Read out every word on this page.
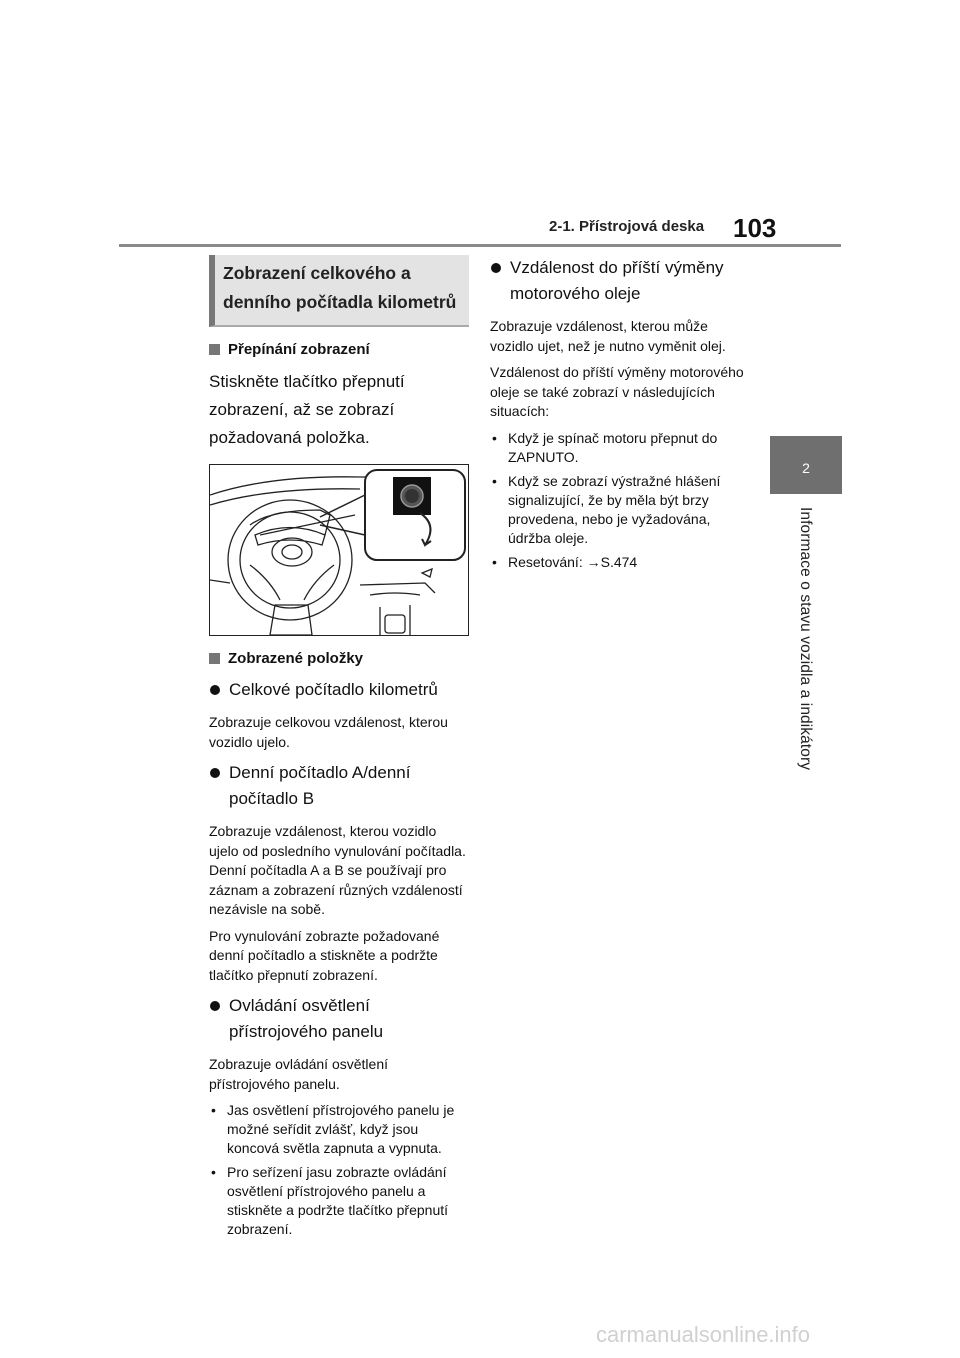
2-1. Přístrojová deska 103
2
Informace o stavu vozidla a indikátory
Zobrazení celkového a denního počítadla kilometrů
Přepínání zobrazení
Stiskněte tlačítko přepnutí zobrazení, až se zobrazí požadovaná položka.
Zobrazené položky
Celkové počítadlo kilometrů
Zobrazuje celkovou vzdálenost, kterou vozidlo ujelo.
Denní počítadlo A/denní počítadlo B
Zobrazuje vzdálenost, kterou vozidlo ujelo od posledního vynulování počítadla. Denní počítadla A a B se používají pro záznam a zobrazení různých vzdáleností nezávisle na sobě.
Pro vynulování zobrazte požadované denní počítadlo a stiskněte a podržte tlačítko přepnutí zobrazení.
Ovládání osvětlení přístrojového panelu
Zobrazuje ovládání osvětlení přístrojového panelu.
• Jas osvětlení přístrojového panelu je možné seřídit zvlášť, když jsou koncová světla zapnuta a vypnuta.
• Pro seřízení jasu zobrazte ovládání osvětlení přístrojového panelu a stiskněte a podržte tlačítko přepnutí zobrazení.
Vzdálenost do příští výměny motorového oleje
Zobrazuje vzdálenost, kterou může vozidlo ujet, než je nutno vyměnit olej.
Vzdálenost do příští výměny motorového oleje se také zobrazí v následujících situacích:
• Když je spínač motoru přepnut do ZAPNUTO.
• Když se zobrazí výstražné hlášení signalizující, že by měla být brzy provedena, nebo je vyžadována, údržba oleje.
• Resetování: →S.474
carmanualsonline.info
